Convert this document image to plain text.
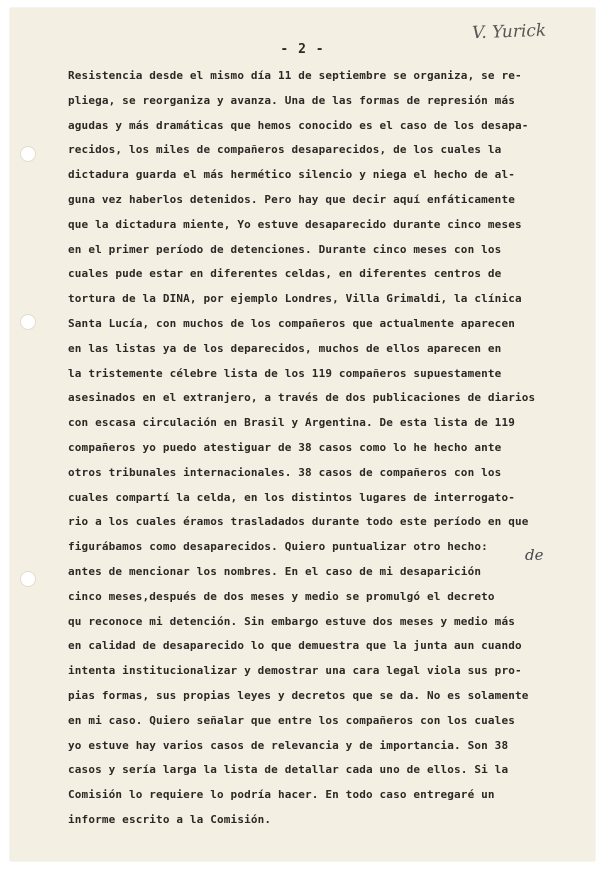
V. Yurick
- 2 -
Resistencia desde el mismo día 11 de septiembre se organiza, se re-
pliega, se reorganiza y avanza. Una de las formas de represión más
agudas y más dramáticas que hemos conocido es el caso de los desapa-
recidos, los miles de compañeros desaparecidos, de los cuales la
dictadura guarda el más hermético silencio y niega el hecho de al-
guna vez haberlos detenidos. Pero hay que decir aquí enfáticamente
que la dictadura miente, Yo estuve desaparecido durante cinco meses
en el primer período de detenciones. Durante cinco meses con los
cuales pude estar en diferentes celdas, en diferentes centros de
tortura de la DINA, por ejemplo Londres, Villa Grimaldi, la clínica
Santa Lucía, con muchos de los compañeros que actualmente aparecen
en las listas ya de los deparecidos, muchos de ellos aparecen en
la tristemente célebre lista de los 119 compañeros supuestamente
asesinados en el extranjero, a través de dos publicaciones de diarios
con escasa circulación en Brasil y Argentina. De esta lista de 119
compañeros yo puedo atestiguar de 38 casos como lo he hecho ante
otros tribunales internacionales. 38 casos de compañeros con los
cuales compartí la celda, en los distintos lugares de interrogato-
rio a los cuales éramos trasladados durante todo este período en que
figurábamos como desaparecidos. Quiero puntualizar otro hecho:
antes de mencionar los nombres. En el caso de mi desaparición
cinco meses,después de dos meses y medio se promulgó el decreto
qu reconoce mi detención. Sin embargo estuve dos meses y medio más
en calidad de desaparecido lo que demuestra que la junta aun cuando
intenta institucionalizar y demostrar una cara legal viola sus pro-
pias formas, sus propias leyes y decretos que se da. No es solamente
en mi caso. Quiero señalar que entre los compañeros con los cuales
yo estuve hay varios casos de relevancia y de importancia. Son 38
casos y sería larga la lista de detallar cada uno de ellos. Si la
Comisión lo requiere lo podría hacer. En todo caso entregaré un
informe escrito a la Comisión.
de
